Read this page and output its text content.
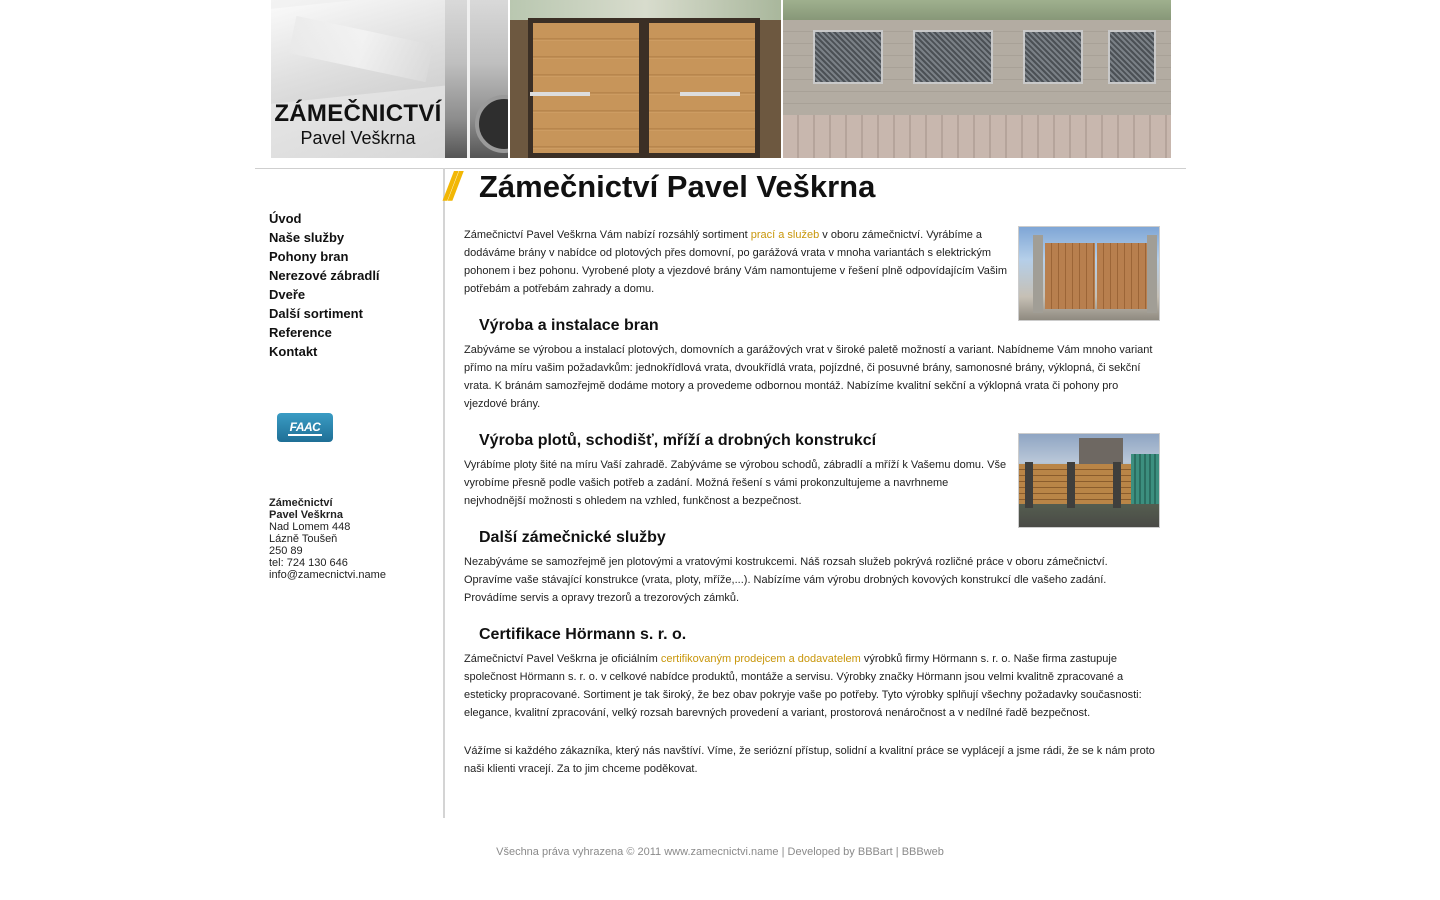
ZÁMEČNICTVÍ
Pavel Veškrna
Úvod
Naše služby
Pohony bran
Nerezové zábradlí
Dveře
Další sortiment
Reference
Kontakt
FAAC
Zámečnictví
Pavel Veškrna
Nad Lomem 448
Lázně Toušeň
250 89
tel: 724 130 646
info@zamecnictvi.name
// Zámečnictví Pavel Veškrna
Zámečnictví Pavel Veškrna Vám nabízí rozsáhlý sortiment prací a služeb v oboru zámečnictví. Vyrábíme a dodáváme brány v nabídce od plotových přes domovní, po garážová vrata v mnoha variantách s elektrickým pohonem i bez pohonu. Vyrobené ploty a vjezdové brány Vám namontujeme v řešení plně odpovídajícím Vašim potřebám a potřebám zahrady a domu.
Výroba a instalace bran
Zabýváme se výrobou a instalací plotových, domovních a garážových vrat v široké paletě možností a variant. Nabídneme Vám mnoho variant přímo na míru vašim požadavkům: jednokřídlová vrata, dvoukřídlá vrata, pojízdné, či posuvné brány, samonosné brány, výklopná, či sekční vrata. K bránám samozřejmě dodáme motory a provedeme odbornou montáž. Nabízíme kvalitní sekční a výklopná vrata či pohony pro vjezdové brány.
Výroba plotů, schodišť, mříží a drobných konstrukcí
Vyrábíme ploty šité na míru Vaší zahradě. Zabýváme se výrobou schodů, zábradlí a mříží k Vašemu domu. Vše vyrobíme přesně podle vašich potřeb a zadání. Možná řešení s vámi prokonzultujeme a navrhneme nejvhodnější možnosti s ohledem na vzhled, funkčnost a bezpečnost.
Další zámečnické služby
Nezabýváme se samozřejmě jen plotovými a vratovými kostrukcemi. Náš rozsah služeb pokrývá rozličné práce v oboru zámečnictví. Opravíme vaše stávající konstrukce (vrata, ploty, mříže,...). Nabízíme vám výrobu drobných kovových konstrukcí dle vašeho zadání. Provádíme servis a opravy trezorů a trezorových zámků.
Certifikace Hörmann s. r. o.
Zámečnictví Pavel Veškrna je oficiálním certifikovaným prodejcem a dodavatelem výrobků firmy Hörmann s. r. o. Naše firma zastupuje společnost Hörmann s. r. o. v celkové nabídce produktů, montáže a servisu. Výrobky značky Hörmann jsou velmi kvalitně zpracované a esteticky propracované. Sortiment je tak široký, že bez obav pokryje vaše po potřeby. Tyto výrobky splňují všechny požadavky současnosti: elegance, kvalitní zpracování, velký rozsah barevných provedení a variant, prostorová nenáročnost a v nedílné řadě bezpečnost.
Vážíme si každého zákazníka, který nás navštíví. Víme, že seriózní přístup, solidní a kvalitní práce se vyplácejí a jsme rádi, že se k nám proto naši klienti vracejí. Za to jim chceme poděkovat.
Všechna práva vyhrazena © 2011 www.zamecnictvi.name | Developed by BBBart | BBBweb
